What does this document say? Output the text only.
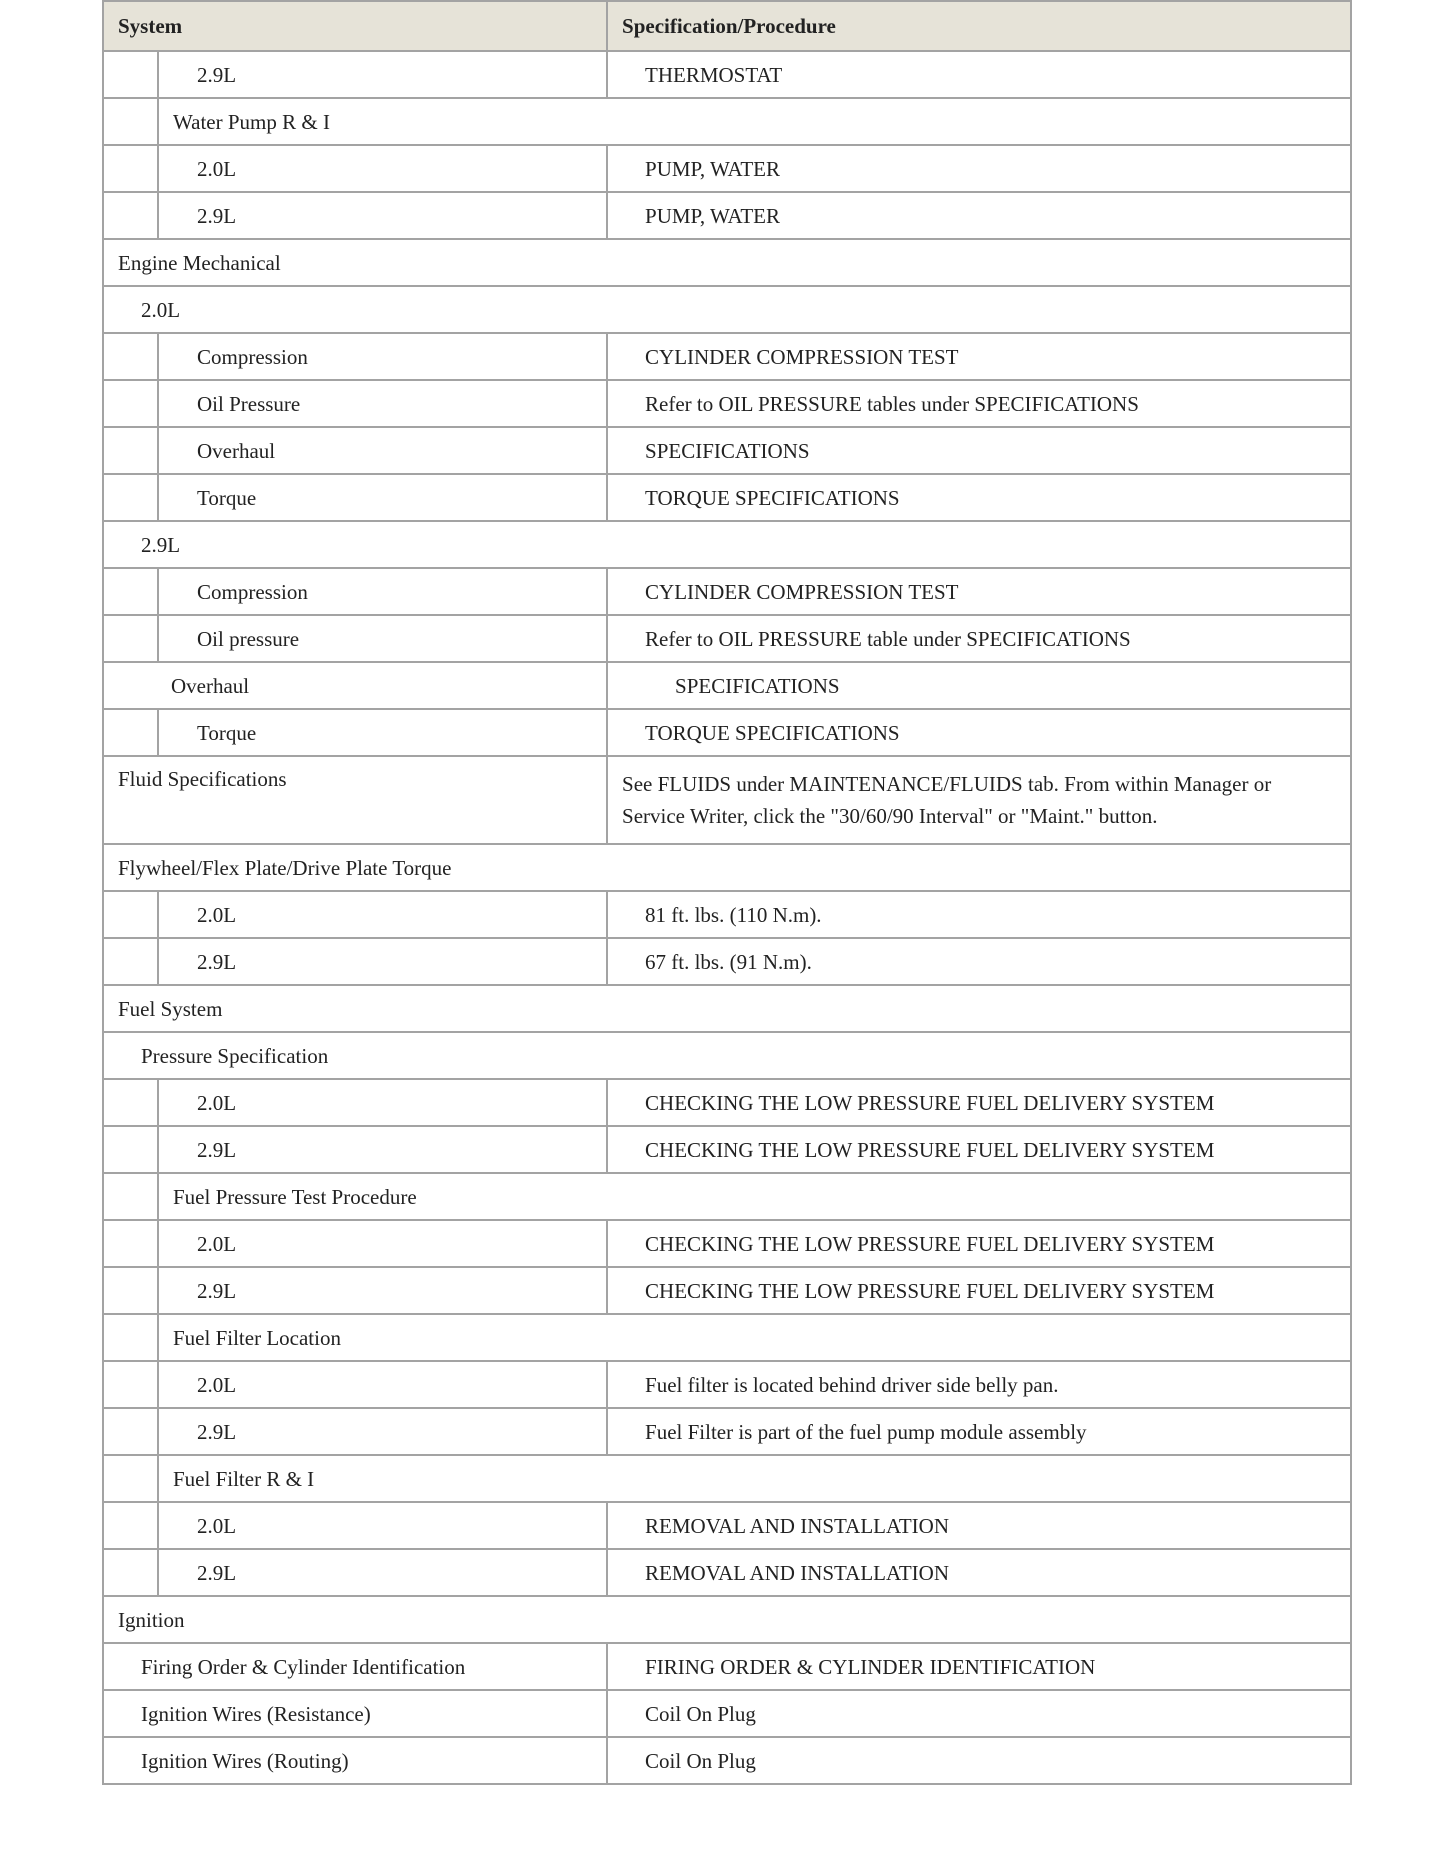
System		Specification/Procedure
	2.9L	THERMOSTAT
	Water Pump R & I	
	2.0L	PUMP, WATER
	2.9L	PUMP, WATER
Engine Mechanical		
2.0L		
	Compression	CYLINDER COMPRESSION TEST
	Oil Pressure	Refer to OIL PRESSURE tables under SPECIFICATIONS
	Overhaul	SPECIFICATIONS
	Torque	TORQUE SPECIFICATIONS
2.9L		
	Compression	CYLINDER COMPRESSION TEST
	Oil pressure	Refer to OIL PRESSURE table under SPECIFICATIONS
Overhaul		SPECIFICATIONS
	Torque	TORQUE SPECIFICATIONS
Fluid Specifications		See FLUIDS under MAINTENANCE/FLUIDS tab. From within Manager or Service Writer, click the "30/60/90 Interval" or "Maint." button.
Flywheel/Flex Plate/Drive Plate Torque		
	2.0L	81 ft. lbs. (110 N.m).
	2.9L	67 ft. lbs. (91 N.m).
Fuel System		
Pressure Specification		
	2.0L	CHECKING THE LOW PRESSURE FUEL DELIVERY SYSTEM
	2.9L	CHECKING THE LOW PRESSURE FUEL DELIVERY SYSTEM
	Fuel Pressure Test Procedure	
	2.0L	CHECKING THE LOW PRESSURE FUEL DELIVERY SYSTEM
	2.9L	CHECKING THE LOW PRESSURE FUEL DELIVERY SYSTEM
	Fuel Filter Location	
	2.0L	Fuel filter is located behind driver side belly pan.
	2.9L	Fuel Filter is part of the fuel pump module assembly
	Fuel Filter R & I	
	2.0L	REMOVAL AND INSTALLATION
	2.9L	REMOVAL AND INSTALLATION
Ignition		
Firing Order & Cylinder Identification		FIRING ORDER & CYLINDER IDENTIFICATION
Ignition Wires (Resistance)		Coil On Plug
Ignition Wires (Routing)		Coil On Plug
